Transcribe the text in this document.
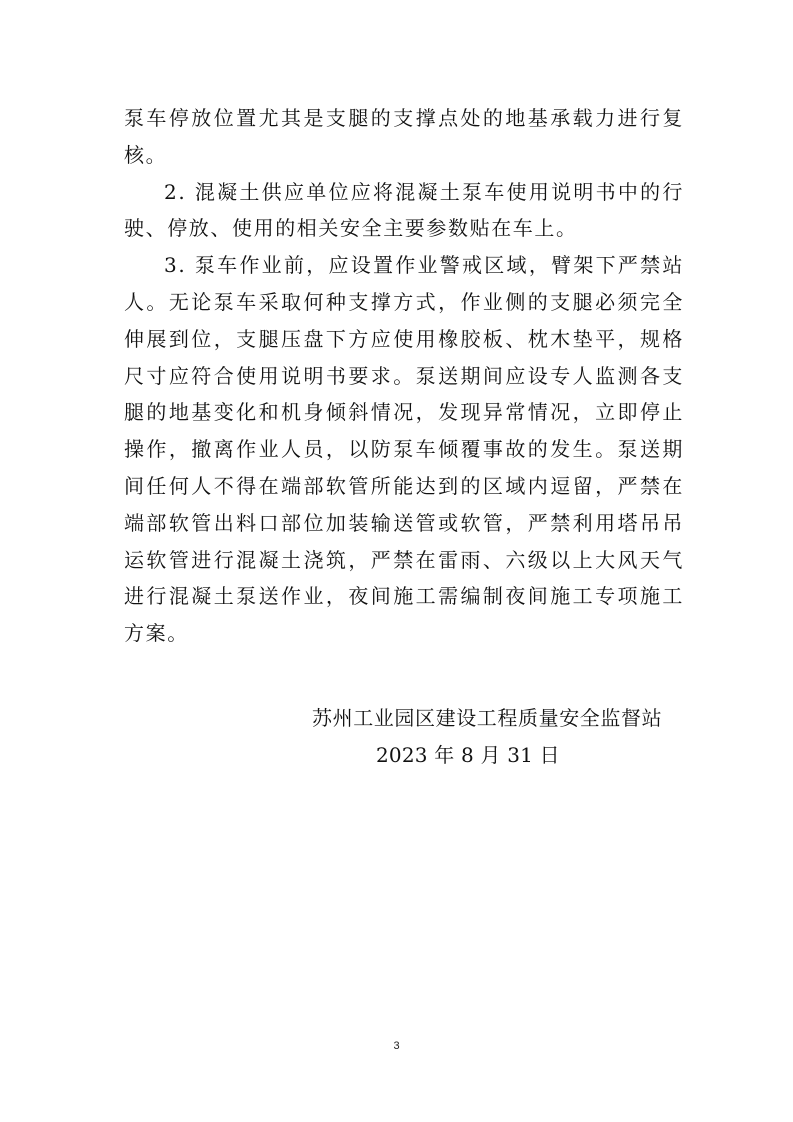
泵车停放位置尤其是支腿的支撑点处的地基承载力进行复核。

2. 混凝土供应单位应将混凝土泵车使用说明书中的行驶、停放、使用的相关安全主要参数贴在车上。

3. 泵车作业前，应设置作业警戒区域，臂架下严禁站人。无论泵车采取何种支撑方式，作业侧的支腿必须完全伸展到位，支腿压盘下方应使用橡胶板、枕木垫平，规格尺寸应符合使用说明书要求。泵送期间应设专人监测各支腿的地基变化和机身倾斜情况，发现异常情况，立即停止操作，撤离作业人员，以防泵车倾覆事故的发生。泵送期间任何人不得在端部软管所能达到的区域内逗留，严禁在端部软管出料口部位加装输送管或软管，严禁利用塔吊吊运软管进行混凝土浇筑，严禁在雷雨、六级以上大风天气进行混凝土泵送作业，夜间施工需编制夜间施工专项施工方案。

苏州工业园区建设工程质量安全监督站
2023 年 8 月 31 日
3
